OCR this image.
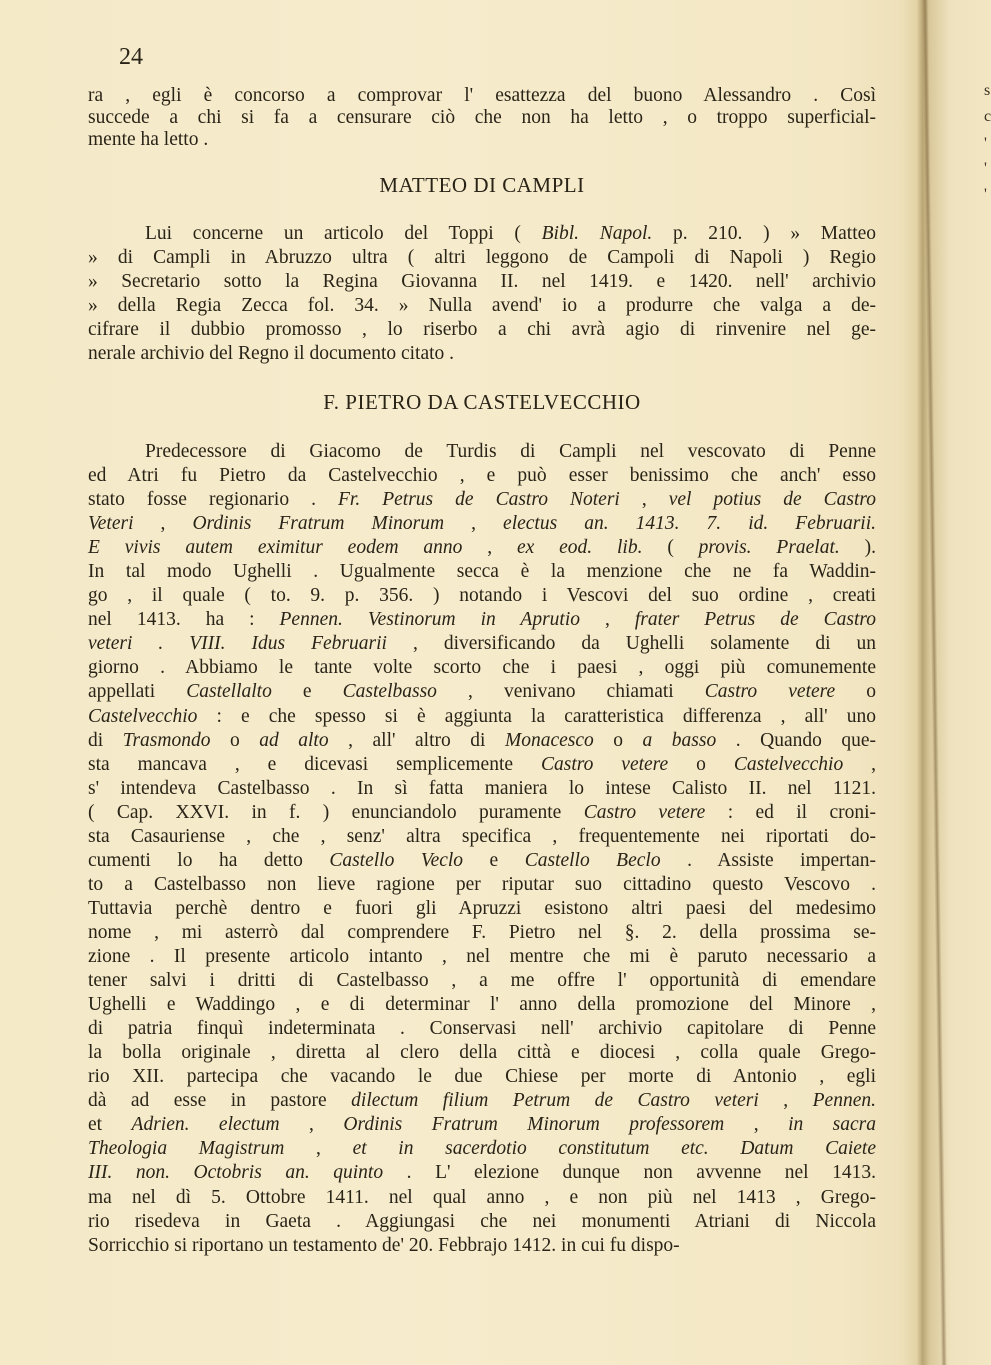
24
ra , egli è concorso a comprovar l' esattezza del buono Alessandro . Così
succede a chi si fa a censurare ciò che non ha letto , o troppo superficial-
mente ha letto .
MATTEO DI CAMPLI
Lui concerne un articolo del Toppi ( Bibl. Napol. p. 210. ) » Matteo
» di Campli in Abruzzo ultra ( altri leggono de Campoli di Napoli ) Regio
» Secretario sotto la Regina Giovanna II. nel 1419. e 1420. nell' archivio
» della Regia Zecca fol. 34. » Nulla avend' io a produrre che valga a de-
cifrare il dubbio promosso , lo riserbo a chi avrà agio di rinvenire nel ge-
nerale archivio del Regno il documento citato .
F. PIETRO DA CASTELVECCHIO
Predecessore di Giacomo de Turdis di Campli nel vescovato di Penne
ed Atri fu Pietro da Castelvecchio , e può esser benissimo che anch' esso
stato fosse regionario . Fr. Petrus de Castro Noteri , vel potius de Castro
Veteri , Ordinis Fratrum Minorum , electus an. 1413. 7. id. Februarii.
E vivis autem eximitur eodem anno , ex eod. lib. ( provis. Praelat. ).
In tal modo Ughelli . Ugualmente secca è la menzione che ne fa Waddin-
go , il quale ( to. 9. p. 356. ) notando i Vescovi del suo ordine , creati
nel 1413. ha : Pennen. Vestinorum in Aprutio , frater Petrus de Castro
veteri . VIII. Idus Februarii , diversificando da Ughelli solamente di un
giorno . Abbiamo le tante volte scorto che i paesi , oggi più comunemente
appellati Castellalto e Castelbasso , venivano chiamati Castro vetere o
Castelvecchio : e che spesso si è aggiunta la caratteristica differenza , all' uno
di Trasmondo o ad alto , all' altro di Monacesco o a basso . Quando que-
sta mancava , e dicevasi semplicemente Castro vetere o Castelvecchio ,
s' intendeva Castelbasso . In sì fatta maniera lo intese Calisto II. nel 1121.
( Cap. XXVI. in f. ) enunciandolo puramente Castro vetere : ed il croni-
sta Casauriense , che , senz' altra specifica , frequentemente nei riportati do-
cumenti lo ha detto Castello Veclo e Castello Beclo . Assiste impertan-
to a Castelbasso non lieve ragione per riputar suo cittadino questo Vescovo .
Tuttavia perchè dentro e fuori gli Apruzzi esistono altri paesi del medesimo
nome , mi asterrò dal comprendere F. Pietro nel §. 2. della prossima se-
zione . Il presente articolo intanto , nel mentre che mi è paruto necessario a
tener salvi i dritti di Castelbasso , a me offre l' opportunità di emendare
Ughelli e Waddingo , e di determinar l' anno della promozione del Minore ,
di patria finquì indeterminata . Conservasi nell' archivio capitolare di Penne
la bolla originale , diretta al clero della città e diocesi , colla quale Grego-
rio XII. partecipa che vacando le due Chiese per morte di Antonio , egli
dà ad esse in pastore dilectum filium Petrum de Castro veteri , Pennen.
et Adrien. electum , Ordinis Fratrum Minorum professorem , in sacra
Theologia Magistrum , et in sacerdotio constitutum etc. Datum Caiete
III. non. Octobris an. quinto . L' elezione dunque non avvenne nel 1413.
ma nel dì 5. Ottobre 1411. nel qual anno , e non più nel 1413 , Grego-
rio risedeva in Gaeta . Aggiungasi che nei monumenti Atriani di Niccola
Sorricchio si riportano un testamento de' 20. Febbrajo 1412. in cui fu dispo-
s
c
'
'
'
